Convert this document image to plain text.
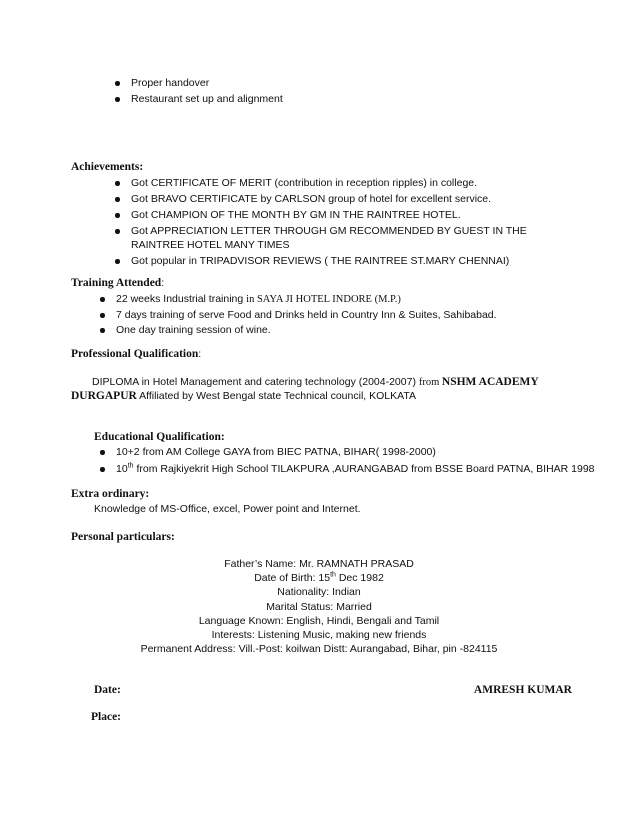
Proper handover
Restaurant set up and alignment
Achievements:
Got CERTIFICATE OF MERIT (contribution in reception ripples) in college.
Got BRAVO CERTIFICATE by CARLSON group of hotel for excellent service.
Got CHAMPION OF THE MONTH BY GM IN THE RAINTREE HOTEL.
Got APPRECIATION LETTER THROUGH GM RECOMMENDED BY GUEST IN THE RAINTREE HOTEL MANY TIMES
Got popular in TRIPADVISOR REVIEWS ( THE RAINTREE ST.MARY CHENNAI)
Training Attended:
22 weeks Industrial training in SAYA JI HOTEL INDORE (M.P.)
7 days training of serve Food and Drinks held in Country Inn & Suites, Sahibabad.
One day training session of wine.
Professional Qualification:
DIPLOMA in Hotel Management and catering technology (2004-2007) from NSHM ACADEMY
DURGAPUR Affiliated by West Bengal state Technical council, KOLKATA
Educational Qualification:
10+2 from AM College GAYA from BIEC PATNA, BIHAR( 1998-2000)
10th from Rajkiyekrit High School TILAKPURA ,AURANGABAD from BSSE Board PATNA, BIHAR 1998
Extra ordinary:
Knowledge of MS-Office, excel, Power point and Internet.
Personal particulars:
Father’s Name: Mr. RAMNATH PRASAD
Date of Birth: 15th Dec 1982
Nationality: Indian
Marital Status: Married
Language Known: English, Hindi, Bengali and Tamil
Interests: Listening Music, making new friends
Permanent Address: Vill.-Post: koilwan Distt: Aurangabad, Bihar, pin -824115
Date:	AMRESH KUMAR
Place:
